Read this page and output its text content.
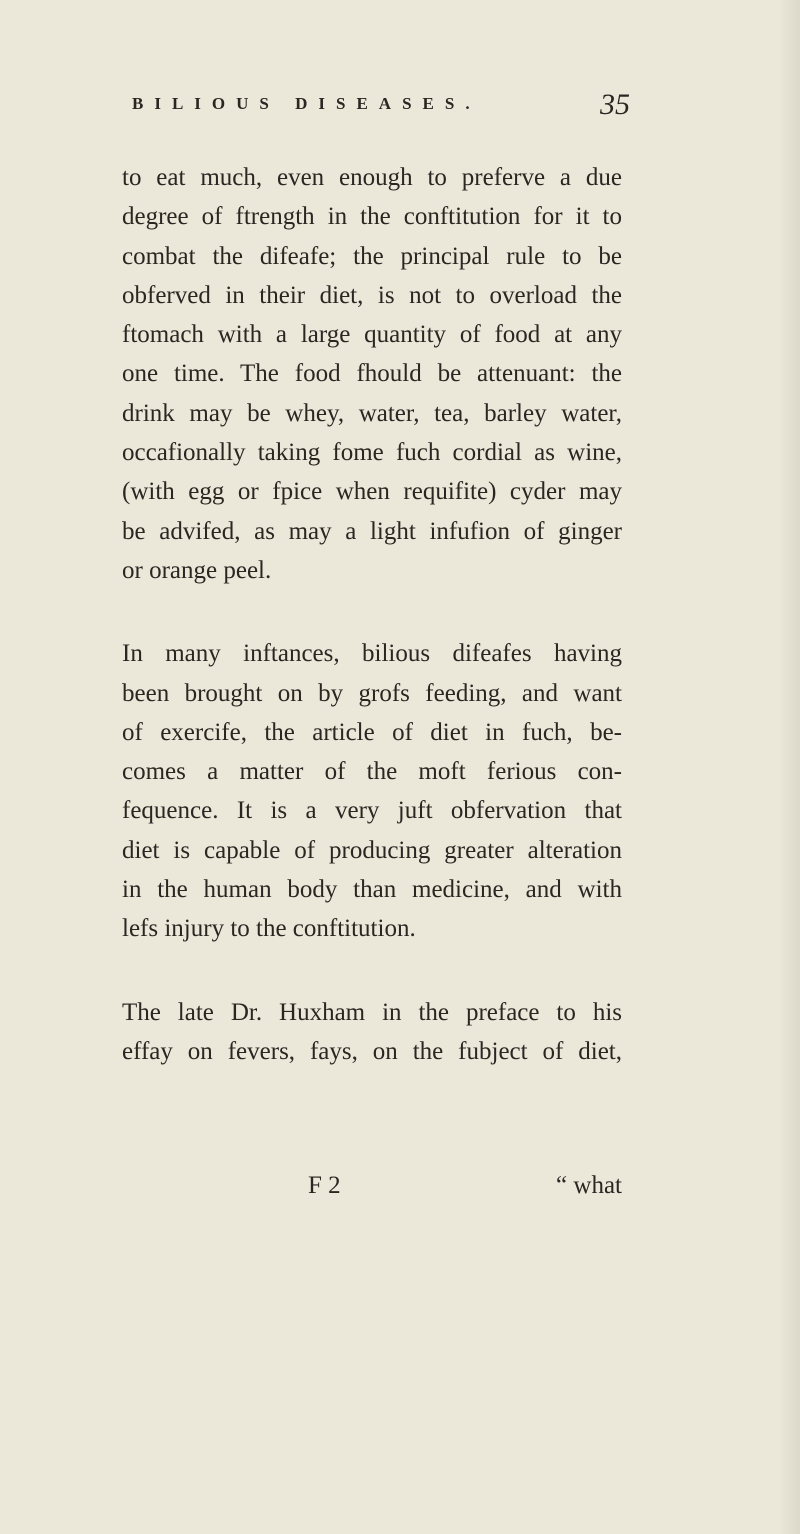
BILIOUS DISEASES.	35
to eat much, even enough to preferve a due
degree of ftrength in the conftitution for it to
combat the difeafe; the principal rule to be
obferved in their diet, is not to overload the
ftomach with a large quantity of food at any
one time. The food fhould be attenuant: the
drink may be whey, water, tea, barley water,
occafionally taking fome fuch cordial as wine,
(with egg or fpice when requifite) cyder may
be advifed, as may a light infufion of ginger
or orange peel.
In many inftances, bilious difeafes having
been brought on by grofs feeding, and want
of exercife, the article of diet in fuch, be-
comes a matter of the moft ferious con-
fequence. It is a very juft obfervation that
diet is capable of producing greater alteration
in the human body than medicine, and with
lefs injury to the conftitution.
The late Dr. Huxham in the preface to his
effay on fevers, fays, on the fubject of diet,
F 2	“ what
